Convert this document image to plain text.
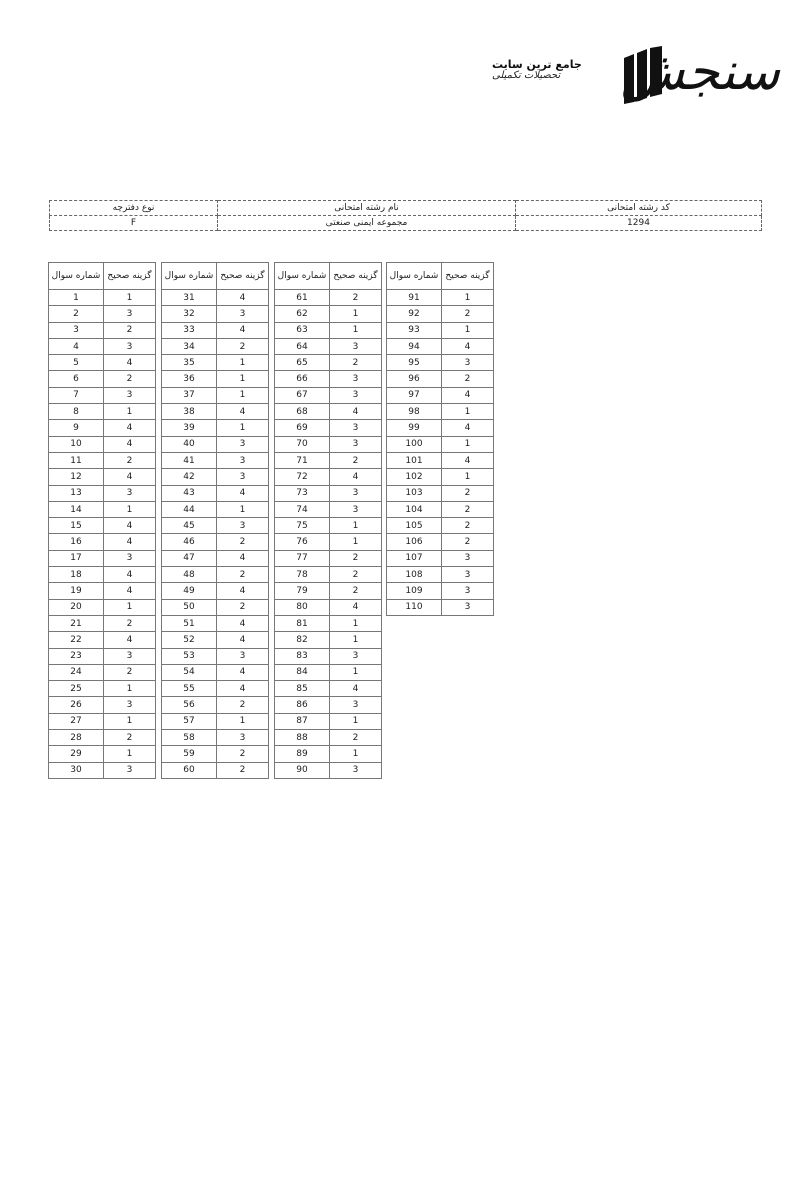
سنجش
جامع ترین سایت
تحصیلات تکمیلی
نوع دفترچه	نام رشته امتحانی	کد رشته امتحانی
F	مجموعه ایمنی صنعتی	1294
شماره سوال	گزینه صحیح
1	1
2	3
3	2
4	3
5	4
6	2
7	3
8	1
9	4
10	4
11	2
12	4
13	3
14	1
15	4
16	4
17	3
18	4
19	4
20	1
21	2
22	4
23	3
24	2
25	1
26	3
27	1
28	2
29	1
30	3
شماره سوال	گزینه صحیح
31	4
32	3
33	4
34	2
35	1
36	1
37	1
38	4
39	1
40	3
41	3
42	3
43	4
44	1
45	3
46	2
47	4
48	2
49	4
50	2
51	4
52	4
53	3
54	4
55	4
56	2
57	1
58	3
59	2
60	2
شماره سوال	گزینه صحیح
61	2
62	1
63	1
64	3
65	2
66	3
67	3
68	4
69	3
70	3
71	2
72	4
73	3
74	3
75	1
76	1
77	2
78	2
79	2
80	4
81	1
82	1
83	3
84	1
85	4
86	3
87	1
88	2
89	1
90	3
شماره سوال	گزینه صحیح
91	1
92	2
93	1
94	4
95	3
96	2
97	4
98	1
99	4
100	1
101	4
102	1
103	2
104	2
105	2
106	2
107	3
108	3
109	3
110	3
